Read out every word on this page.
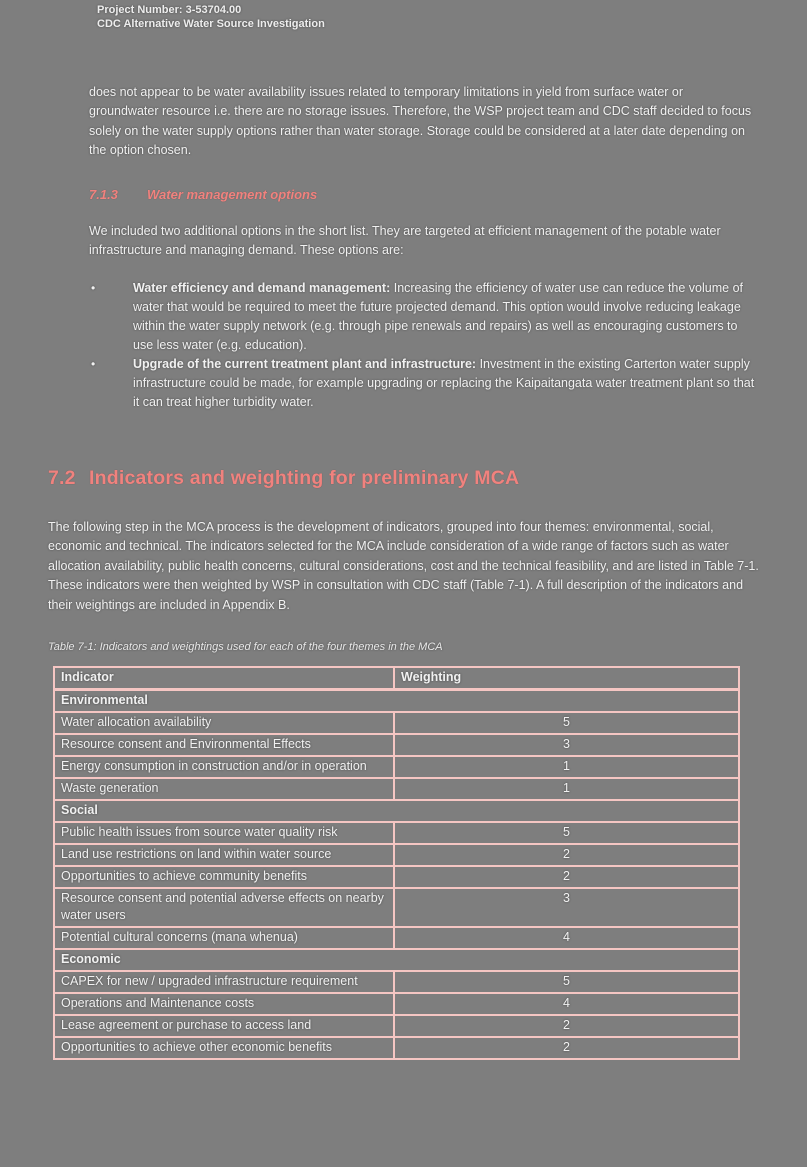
Project Number: 3-53704.00
CDC Alternative Water Source Investigation

does not appear to be water availability issues related to temporary limitations in yield from surface water or groundwater resource i.e. there are no storage issues. Therefore, the WSP project team and CDC staff decided to focus solely on the water supply options rather than water storage. Storage could be considered at a later date depending on the option chosen.

7.1.3 Water management options

We included two additional options in the short list. They are targeted at efficient management of the potable water infrastructure and managing demand. These options are:

•	Water efficiency and demand management: Increasing the efficiency of water use can reduce the volume of water that would be required to meet the future projected demand. This option would involve reducing leakage within the water supply network (e.g. through pipe renewals and repairs) as well as encouraging customers to use less water (e.g. education).
•	Upgrade of the current treatment plant and infrastructure: Investment in the existing Carterton water supply infrastructure could be made, for example upgrading or replacing the Kaipaitangata water treatment plant so that it can treat higher turbidity water.
7.2 Indicators and weighting for preliminary MCA

The following step in the MCA process is the development of indicators, grouped into four themes: environmental, social, economic and technical. The indicators selected for the MCA include consideration of a wide range of factors such as water allocation availability, public health concerns, cultural considerations, cost and the technical feasibility, and are listed in Table 7-1. These indicators were then weighted by WSP in consultation with CDC staff (Table 7-1). A full description of the indicators and their weightings are included in Appendix B.

Table 7-1: Indicators and weightings used for each of the four themes in the MCA
Indicator	Weighting
Environmental	
Water allocation availability	5
Resource consent and Environmental Effects	3
Energy consumption in construction and/or in operation	1
Waste generation	1
Social	
Public health issues from source water quality risk	5
Land use restrictions on land within water source	2
Opportunities to achieve community benefits	2
Resource consent and potential adverse effects on nearby water users	3
Potential cultural concerns (mana whenua)	4
Economic	
CAPEX for new / upgraded infrastructure requirement	5
Operations and Maintenance costs	4
Lease agreement or purchase to access land	2
Opportunities to achieve other economic benefits	2
